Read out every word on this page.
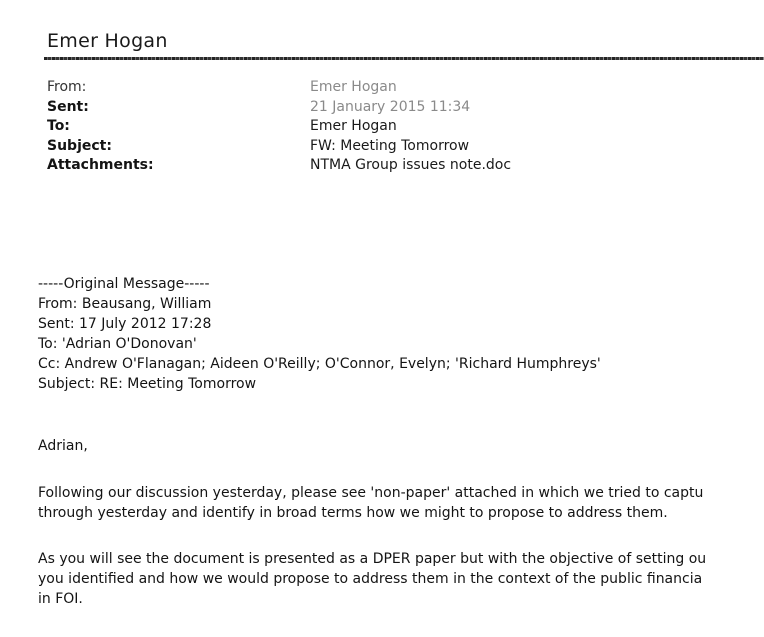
Emer Hogan
From:	Emer Hogan
Sent:	21 January 2015 11:34
To:	Emer Hogan
Subject:	FW: Meeting Tomorrow
Attachments:	NTMA Group issues note.doc
-----Original Message-----
From: Beausang, William
Sent: 17 July 2012 17:28
To: 'Adrian O'Donovan'
Cc: Andrew O'Flanagan; Aideen O'Reilly; O'Connor, Evelyn; 'Richard Humphreys'
Subject: RE: Meeting Tomorrow
Adrian,
Following our discussion yesterday, please see 'non-paper' attached in which we tried to captu
through yesterday and identify in broad terms how we might to propose to address them.
As you will see the document is presented as a DPER paper but with the objective of setting ou
you identified and how we would propose to address them in the context of the public financia
in FOI.
